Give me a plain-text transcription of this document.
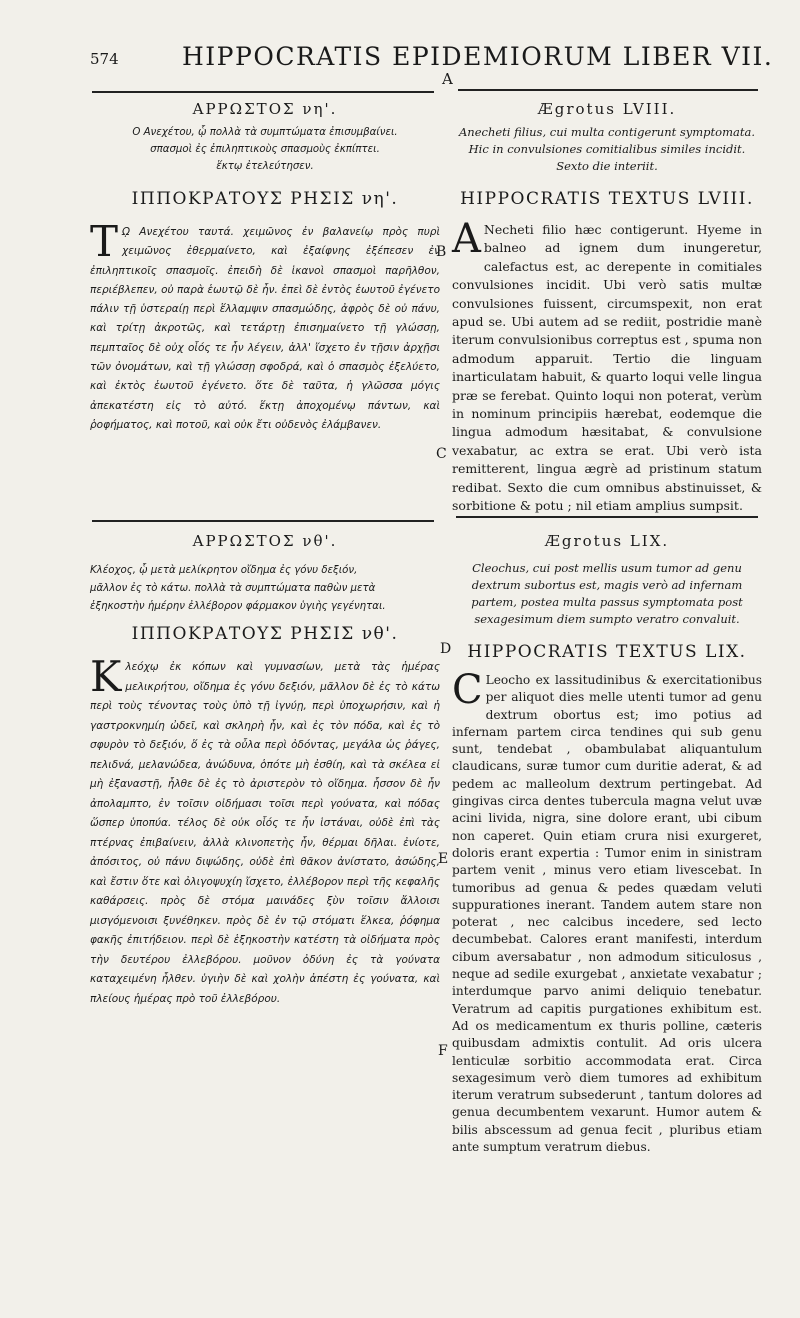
574	HIPPOCRATIS EPIDEMIORUM LIBER VII.
A
ΑΡΡΩΣΤΟΣ νη'.
Ο Ανεχέτου, ᾧ πολλὰ τὰ συμπτώματα ἐπισυμβαίνει.
σπασμοὶ ἐς ἐπιληπτικοὺς σπασμοὺς ἐκπίπτει.
ἕκτῳ ἐτελεύτησεν.
ΙΠΠΟΚΡΑΤΟΥΣ ΡΗΣΙΣ νη'.
Τ ῼ Ανεχέτου ταυτά. χειμῶνος ἐν βαλανείῳ πρὸς πυρὶ χειμῶνος ἐθερμαίνετο, καὶ ἐξαίφνης ἐξέπεσεν ἐν ἐπιληπτικοῖς σπασμοῖς. ἐπειδὴ δὲ ἱκανοὶ σπασμοὶ παρῆλθον, περιέβλεπεν, οὐ παρὰ ἑωυτῷ δὲ ἦν. ἐπεὶ δὲ ἐντὸς ἑωυτοῦ ἐγένετο πάλιν τῇ ὑστεραίῃ περὶ ἕλλαμψιν σπασμώδης, ἀφρὸς δὲ οὐ πάνυ, καὶ τρίτῃ ἀκροτῶς, καὶ τετάρτῃ ἐπισημαίνετο τῇ γλώσσῃ, πεμπταῖος δὲ οὐχ οἷός τε ἦν λέγειν, ἀλλ' ἴσχετο ἐν τῇσιν ἀρχῇσι τῶν ὀνομάτων, καὶ τῇ γλώσσῃ σφοδρά, καὶ ὁ σπασμὸς ἐξελύετο, καὶ ἐκτὸς ἑωυτοῦ ἐγένετο. ὅτε δὲ ταῦτα, ἡ γλῶσσα μόγις ἀπεκατέστη εἰς τὸ αὐτό. ἕκτῃ ἀποχομένῳ πάντων, καὶ ῥοφήματος, καὶ ποτοῦ, καὶ οὐκ ἔτι οὐδενὸς ἐλάμβανεν.
Ægrotus LVIII.
Anecheti filius, cui multa contigerunt symptomata.
Hic in convulsiones comitialibus similes incidit.
Sexto die interiit.
HIPPOCRATIS TEXTUS LVIII.
A Necheti filio hæc contigerunt. Hyeme in balneo ad ignem dum inungeretur, calefactus est, ac derepente in comitiales convulsiones incidit. Ubi verò satis multæ convulsiones fuissent, circumspexit, non erat apud se. Ubi autem ad se rediit, postridie manè iterum convulsionibus correptus est , spuma non admodum apparuit. Tertio die linguam inarticulatam habuit, & quarto loqui velle lingua præ se ferebat. Quinto loqui non poterat, verùm in nominum principiis hærebat, eodemque die lingua admodum hæsitabat, & convulsione vexabatur, ac extra se erat. Ubi verò ista remitterent, lingua ægrè ad pristinum statum redibat. Sexto die cum omnibus abstinuisset, & sorbitione & potu ; nil etiam amplius sumpsit.
B
C
D
E
F
ΑΡΡΩΣΤΟΣ νθ'.
Κλέοχος, ᾧ μετὰ μελίκρητον οἴδημα ἐς γόνυ δεξιόν,
μᾶλλον ἐς τὸ κάτω. πολλὰ τὰ συμπτώματα παθὼν μετὰ
ἑξηκοστὴν ἡμέρην ἐλλέβορον φάρμακον ὑγιὴς γεγένηται.
ΙΠΠΟΚΡΑΤΟΥΣ ΡΗΣΙΣ νθ'.
Κ λεόχῳ ἐκ κόπων καὶ γυμνασίων, μετὰ τὰς ἡμέρας μελικρήτου, οἴδημα ἐς γόνυ δεξιόν, μᾶλλον δὲ ἐς τὸ κάτω περὶ τοὺς τένοντας τοὺς ὑπὸ τῇ ἰγνύῃ, περὶ ὑποχωρήσιν, καὶ ἡ γαστροκνημίη ὠδεῖ, καὶ σκληρὴ ἦν, καὶ ἐς τὸν πόδα, καὶ ἐς τὸ σφυρὸν τὸ δεξιόν, ὅ ἐς τὰ οὖλα περὶ ὀδόντας, μεγάλα ὡς ῥάγες, πελιδνά, μελανώδεα, ἀνώδυνα, ὁπότε μὴ ἐσθίη, καὶ τὰ σκέλεα εἰ μὴ ἐξαναστῇ, ἦλθε δὲ ἐς τὸ ἀριστερὸν τὸ οἴδημα. ἧσσον δὲ ἦν ἀπολαμπτο, ἐν τοῖσιν οἰδήμασι τοῖσι περὶ γούνατα, καὶ πόδας ὥσπερ ὑποπύα. τέλος δὲ οὐκ οἷός τε ἦν ἱστάναι, οὐδὲ ἐπὶ τὰς πτέρνας ἐπιβαίνειν, ἀλλὰ κλινοπετὴς ἦν, θέρμαι δῆλαι. ἐνίοτε, ἀπόσιτος, οὐ πάνυ διψώδης, οὐδὲ ἐπὶ θᾶκον ἀνίστατο, ἀσώδης, καὶ ἔστιν ὅτε καὶ ὀλιγοψυχίη ἴσχετο, ἐλλέβορον περὶ τῆς κεφαλῆς καθάρσεις. πρὸς δὲ στόμα μαινάδες ξὺν τοῖσιν ἄλλοισι μισγόμενοισι ξυνέθηκεν. πρὸς δὲ ἐν τῷ στόματι ἕλκεα, ῥόφημα φακῆς ἐπιτήδειον. περὶ δὲ ἑξηκοστὴν κατέστη τὰ οἰδήματα πρὸς τὴν δευτέρου ἐλλεβόρου. μοῦνον ὀδύνη ἐς τὰ γούνατα καταχειμένη ἦλθεν. ὑγιὴν δὲ καὶ χολὴν ἀπέστη ἐς γούνατα, καὶ πλείους ἡμέρας πρὸ τοῦ ἐλλεβόρου.
Ægrotus LIX.
Cleochus, cui post mellis usum tumor ad genu dextrum subortus est, magis verò ad infernam partem, postea multa passus symptomata post sexagesimum diem sumpto veratro convaluit.
HIPPOCRATIS TEXTUS LIX.
C Leocho ex lassitudinibus & exercitationibus per aliquot dies melle utenti tumor ad genu dextrum obortus est; imo potius ad infernam partem circa tendines qui sub genu sunt, tendebat , obambulabat aliquantulum claudicans, suræ tumor cum duritie aderat, & ad pedem ac malleolum dextrum pertingebat. Ad gingivas circa dentes tubercula magna velut uvæ acini livida, nigra, sine dolore erant, ubi cibum non caperet. Quin etiam crura nisi exurgeret, doloris erant expertia : Tumor enim in sinistram partem venit , minus vero etiam livescebat. In tumoribus ad genua & pedes quædam veluti suppurationes inerant. Tandem autem stare non poterat , nec calcibus incedere, sed lecto decumbebat. Calores erant manifesti, interdum cibum aversabatur , non admodum siticulosus , neque ad sedile exurgebat , anxietate vexabatur ; interdumque parvo animi deliquio tenebatur. Veratrum ad capitis purgationes exhibitum est. Ad os medicamentum ex thuris polline, cæteris quibusdam admixtis contulit. Ad oris ulcera lenticulæ sorbitio accommodata erat. Circa sexagesimum verò diem tumores ad exhibitum iterum veratrum subsederunt , tantum dolores ad genua decumbentem vexarunt. Humor autem & bilis abscessum ad genua fecit , pluribus etiam ante sumptum veratrum diebus.
